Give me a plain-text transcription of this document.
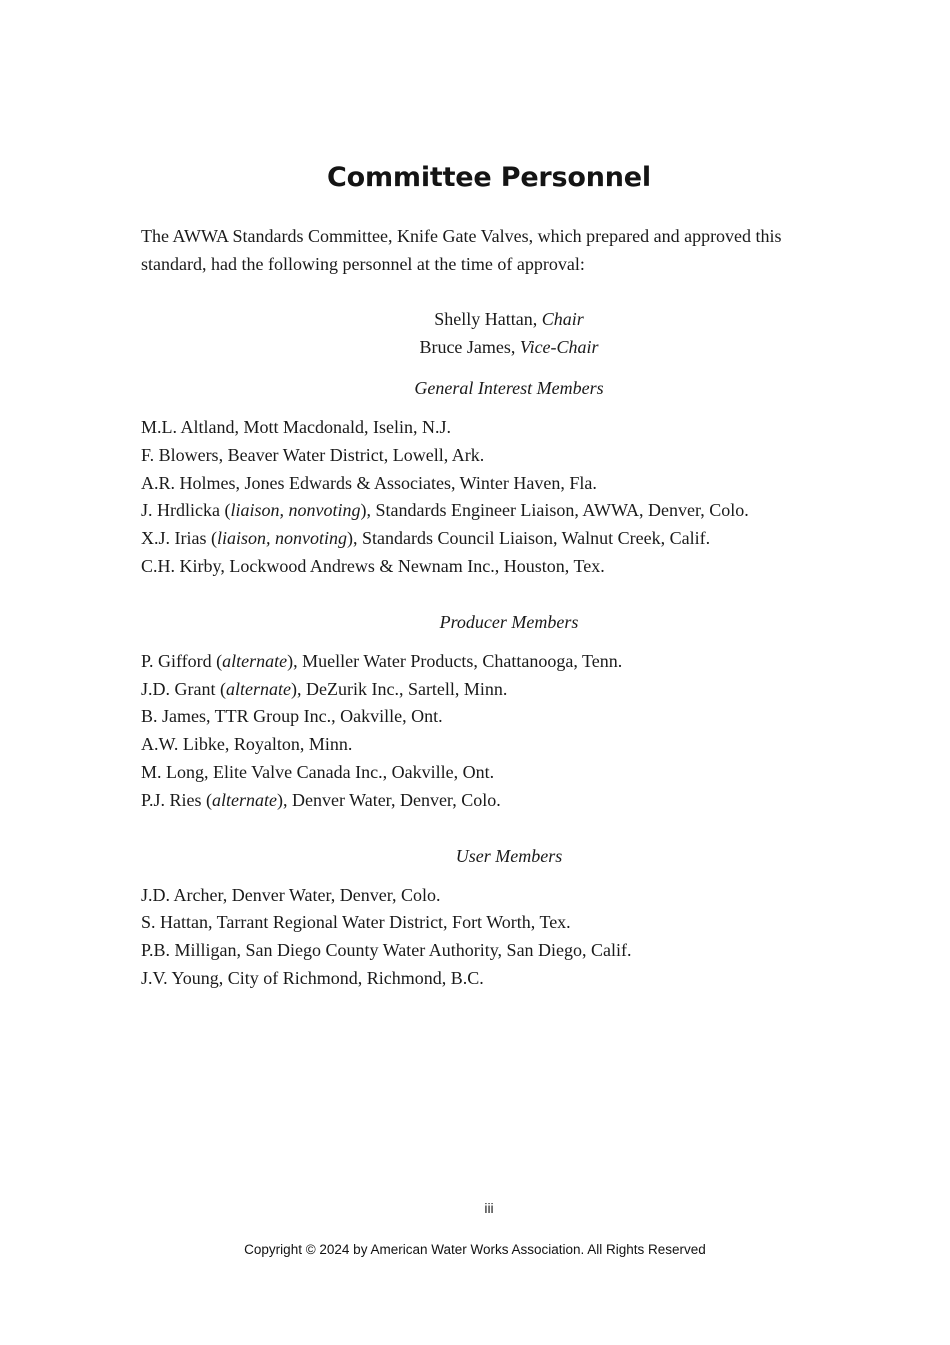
Committee Personnel

The AWWA Standards Committee, Knife Gate Valves, which prepared and approved this standard, had the following personnel at the time of approval:

Shelly Hattan, Chair
Bruce James, Vice-Chair
General Interest Members
M.L. Altland, Mott Macdonald, Iselin, N.J.
F. Blowers, Beaver Water District, Lowell, Ark.
A.R. Holmes, Jones Edwards & Associates, Winter Haven, Fla.
J. Hrdlicka (liaison, nonvoting), Standards Engineer Liaison, AWWA, Denver, Colo.
X.J. Irias (liaison, nonvoting), Standards Council Liaison, Walnut Creek, Calif.
C.H. Kirby, Lockwood Andrews & Newnam Inc., Houston, Tex.
Producer Members
P. Gifford (alternate), Mueller Water Products, Chattanooga, Tenn.
J.D. Grant (alternate), DeZurik Inc., Sartell, Minn.
B. James, TTR Group Inc., Oakville, Ont.
A.W. Libke, Royalton, Minn.
M. Long, Elite Valve Canada Inc., Oakville, Ont.
P.J. Ries (alternate), Denver Water, Denver, Colo.
User Members
J.D. Archer, Denver Water, Denver, Colo.
S. Hattan, Tarrant Regional Water District, Fort Worth, Tex.
P.B. Milligan, San Diego County Water Authority, San Diego, Calif.
J.V. Young, City of Richmond, Richmond, B.C.
iii
Copyright © 2024 by American Water Works Association. All Rights Reserved
